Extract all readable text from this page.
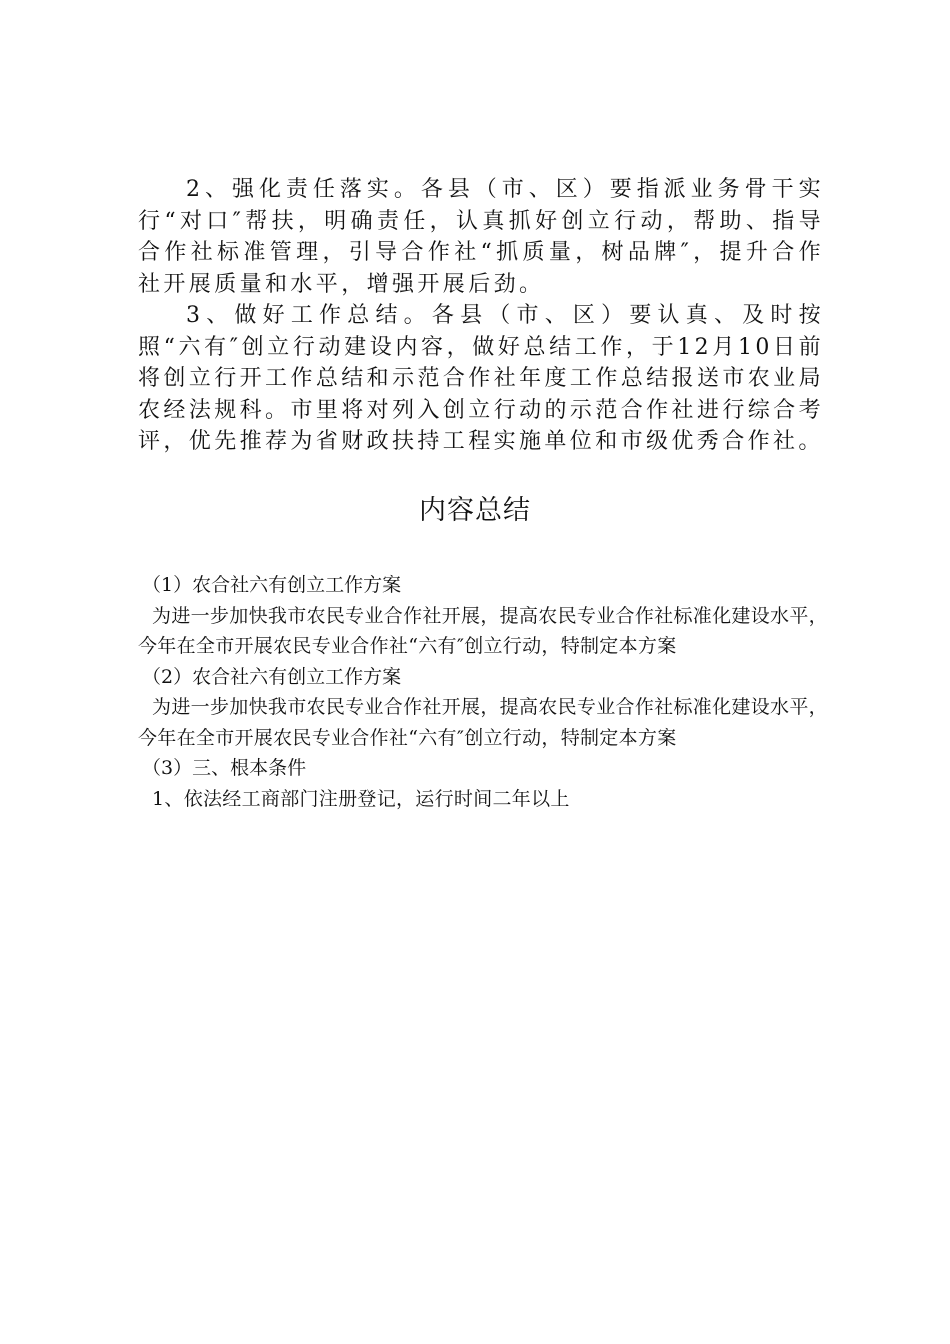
2、强化责任落实。各县（市、区）要指派业务骨干实行“对口″帮扶，明确责任，认真抓好创立行动，帮助、指导合作社标准管理，引导合作社“抓质量，树品牌″，提升合作社开展质量和水平，增强开展后劲。

3、做好工作总结。各县（市、区）要认真、及时按照“六有″创立行动建设内容，做好总结工作，于12月10日前将创立行开工作总结和示范合作社年度工作总结报送市农业局农经法规科。市里将对列入创立行动的示范合作社进行综合考评，优先推荐为省财政扶持工程实施单位和市级优秀合作社。

内容总结

（1）农合社六有创立工作方案

为进一步加快我市农民专业合作社开展，提高农民专业合作社标准化建设水平，今年在全市开展农民专业合作社“六有″创立行动，特制定本方案

（2）农合社六有创立工作方案

为进一步加快我市农民专业合作社开展，提高农民专业合作社标准化建设水平，今年在全市开展农民专业合作社“六有″创立行动，特制定本方案

（3）三、根本条件

1、依法经工商部门注册登记，运行时间二年以上
